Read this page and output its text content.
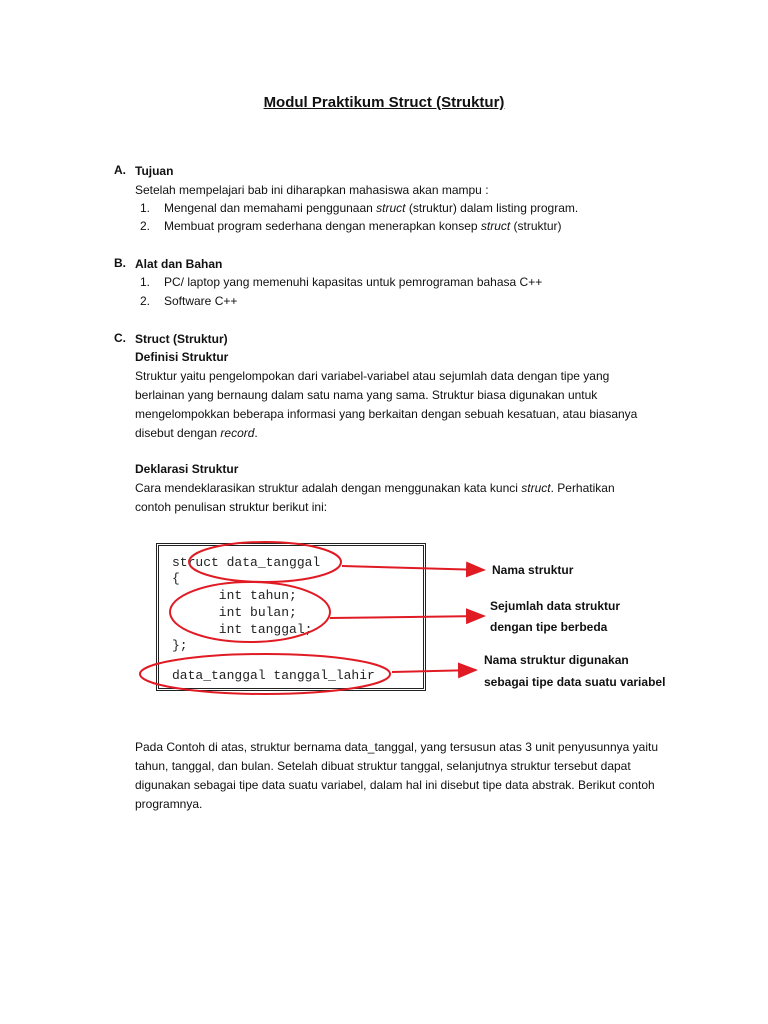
Modul Praktikum Struct (Struktur)
A. Tujuan
Setelah mempelajari bab ini diharapkan mahasiswa akan mampu :
1. Mengenal dan memahami penggunaan struct (struktur) dalam listing program.
2. Membuat program sederhana dengan menerapkan konsep struct (struktur)
B. Alat dan Bahan
1. PC/ laptop yang memenuhi kapasitas untuk pemrograman bahasa C++
2. Software C++
C. Struct (Struktur)
Definisi Struktur
Struktur yaitu pengelompokan dari variabel-variabel atau sejumlah data dengan tipe yang
berlainan yang bernaung dalam satu nama yang sama. Struktur biasa digunakan untuk
mengelompokkan beberapa informasi yang berkaitan dengan sebuah kesatuan, atau biasanya
disebut dengan record.
Deklarasi Struktur
Cara mendeklarasikan struktur adalah dengan menggunakan kata kunci struct. Perhatikan
contoh penulisan struktur berikut ini:
struct data_tanggal
{
int tahun;
int bulan;
int tanggal;
};
data_tanggal tanggal_lahir
Nama struktur
Sejumlah data struktur
dengan tipe berbeda
Nama struktur digunakan
sebagai tipe data suatu variabel
Pada Contoh di atas, struktur bernama data_tanggal, yang tersusun atas 3 unit penyusunnya yaitu
tahun, tanggal, dan bulan. Setelah dibuat struktur tanggal, selanjutnya struktur tersebut dapat
digunakan sebagai tipe data suatu variabel, dalam hal ini disebut tipe data abstrak. Berikut contoh
programnya.
